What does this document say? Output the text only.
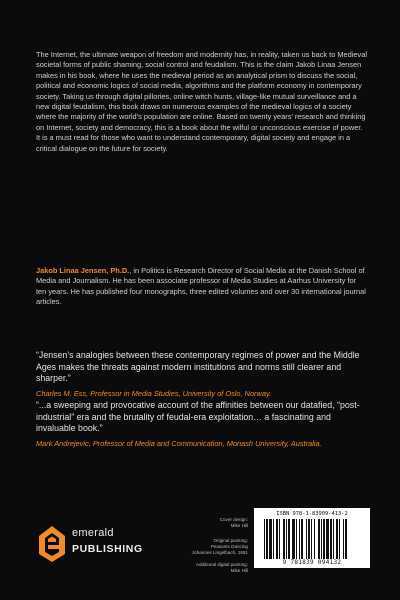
The Internet, the ultimate weapon of freedom and modernity has, in reality, taken us back to Medieval societal forms of public shaming, social control and feudalism. This is the claim Jakob Linaa Jensen makes in his book, where he uses the medieval period as an analytical prism to discuss the social, political and economic logics of social media, algorithms and the platform economy in contemporary society. Taking us through digital pillories, online witch hunts, village-like mutual surveillance and a new digital feudalism, this book draws on numerous examples of the medieval logics of a society where the majority of the world’s population are online. Based on twenty years’ research and thinking on Internet, society and democracy, this is a book about the wilful or unconscious exercise of power. It is a must read for those who want to understand contemporary, digital society and engage in a critical dialogue on the future for society.

Jakob Linaa Jensen, Ph.D., in Politics is Research Director of Social Media at the Danish School of Media and Journalism. He has been associate professor of Media Studies at Aarhus University for ten years. He has published four monographs, three edited volumes and over 30 international journal articles.

“Jensen’s analogies between these contemporary regimes of power and the Middle Ages makes the threats against modern institutions and norms still clearer and sharper.”

Charles M. Ess, Professor in Media Studies, University of Oslo, Norway.

“...a sweeping and provocative account of the affinities between our datafied, “post-industrial” era and the brutality of feudal-era exploitation… a fascinating and invaluable book.”

Mark Andrejevic, Professor of Media and Communication, Monash University, Australia.

emerald
PUBLISHING
Cover design:
Mike Hill
Original painting:
Peasants Dancing
Johannes Lingelbach, 1651
Additional digital painting:
Mike Hill
ISBN 978-1-83909-413-2
9 781839 094132
